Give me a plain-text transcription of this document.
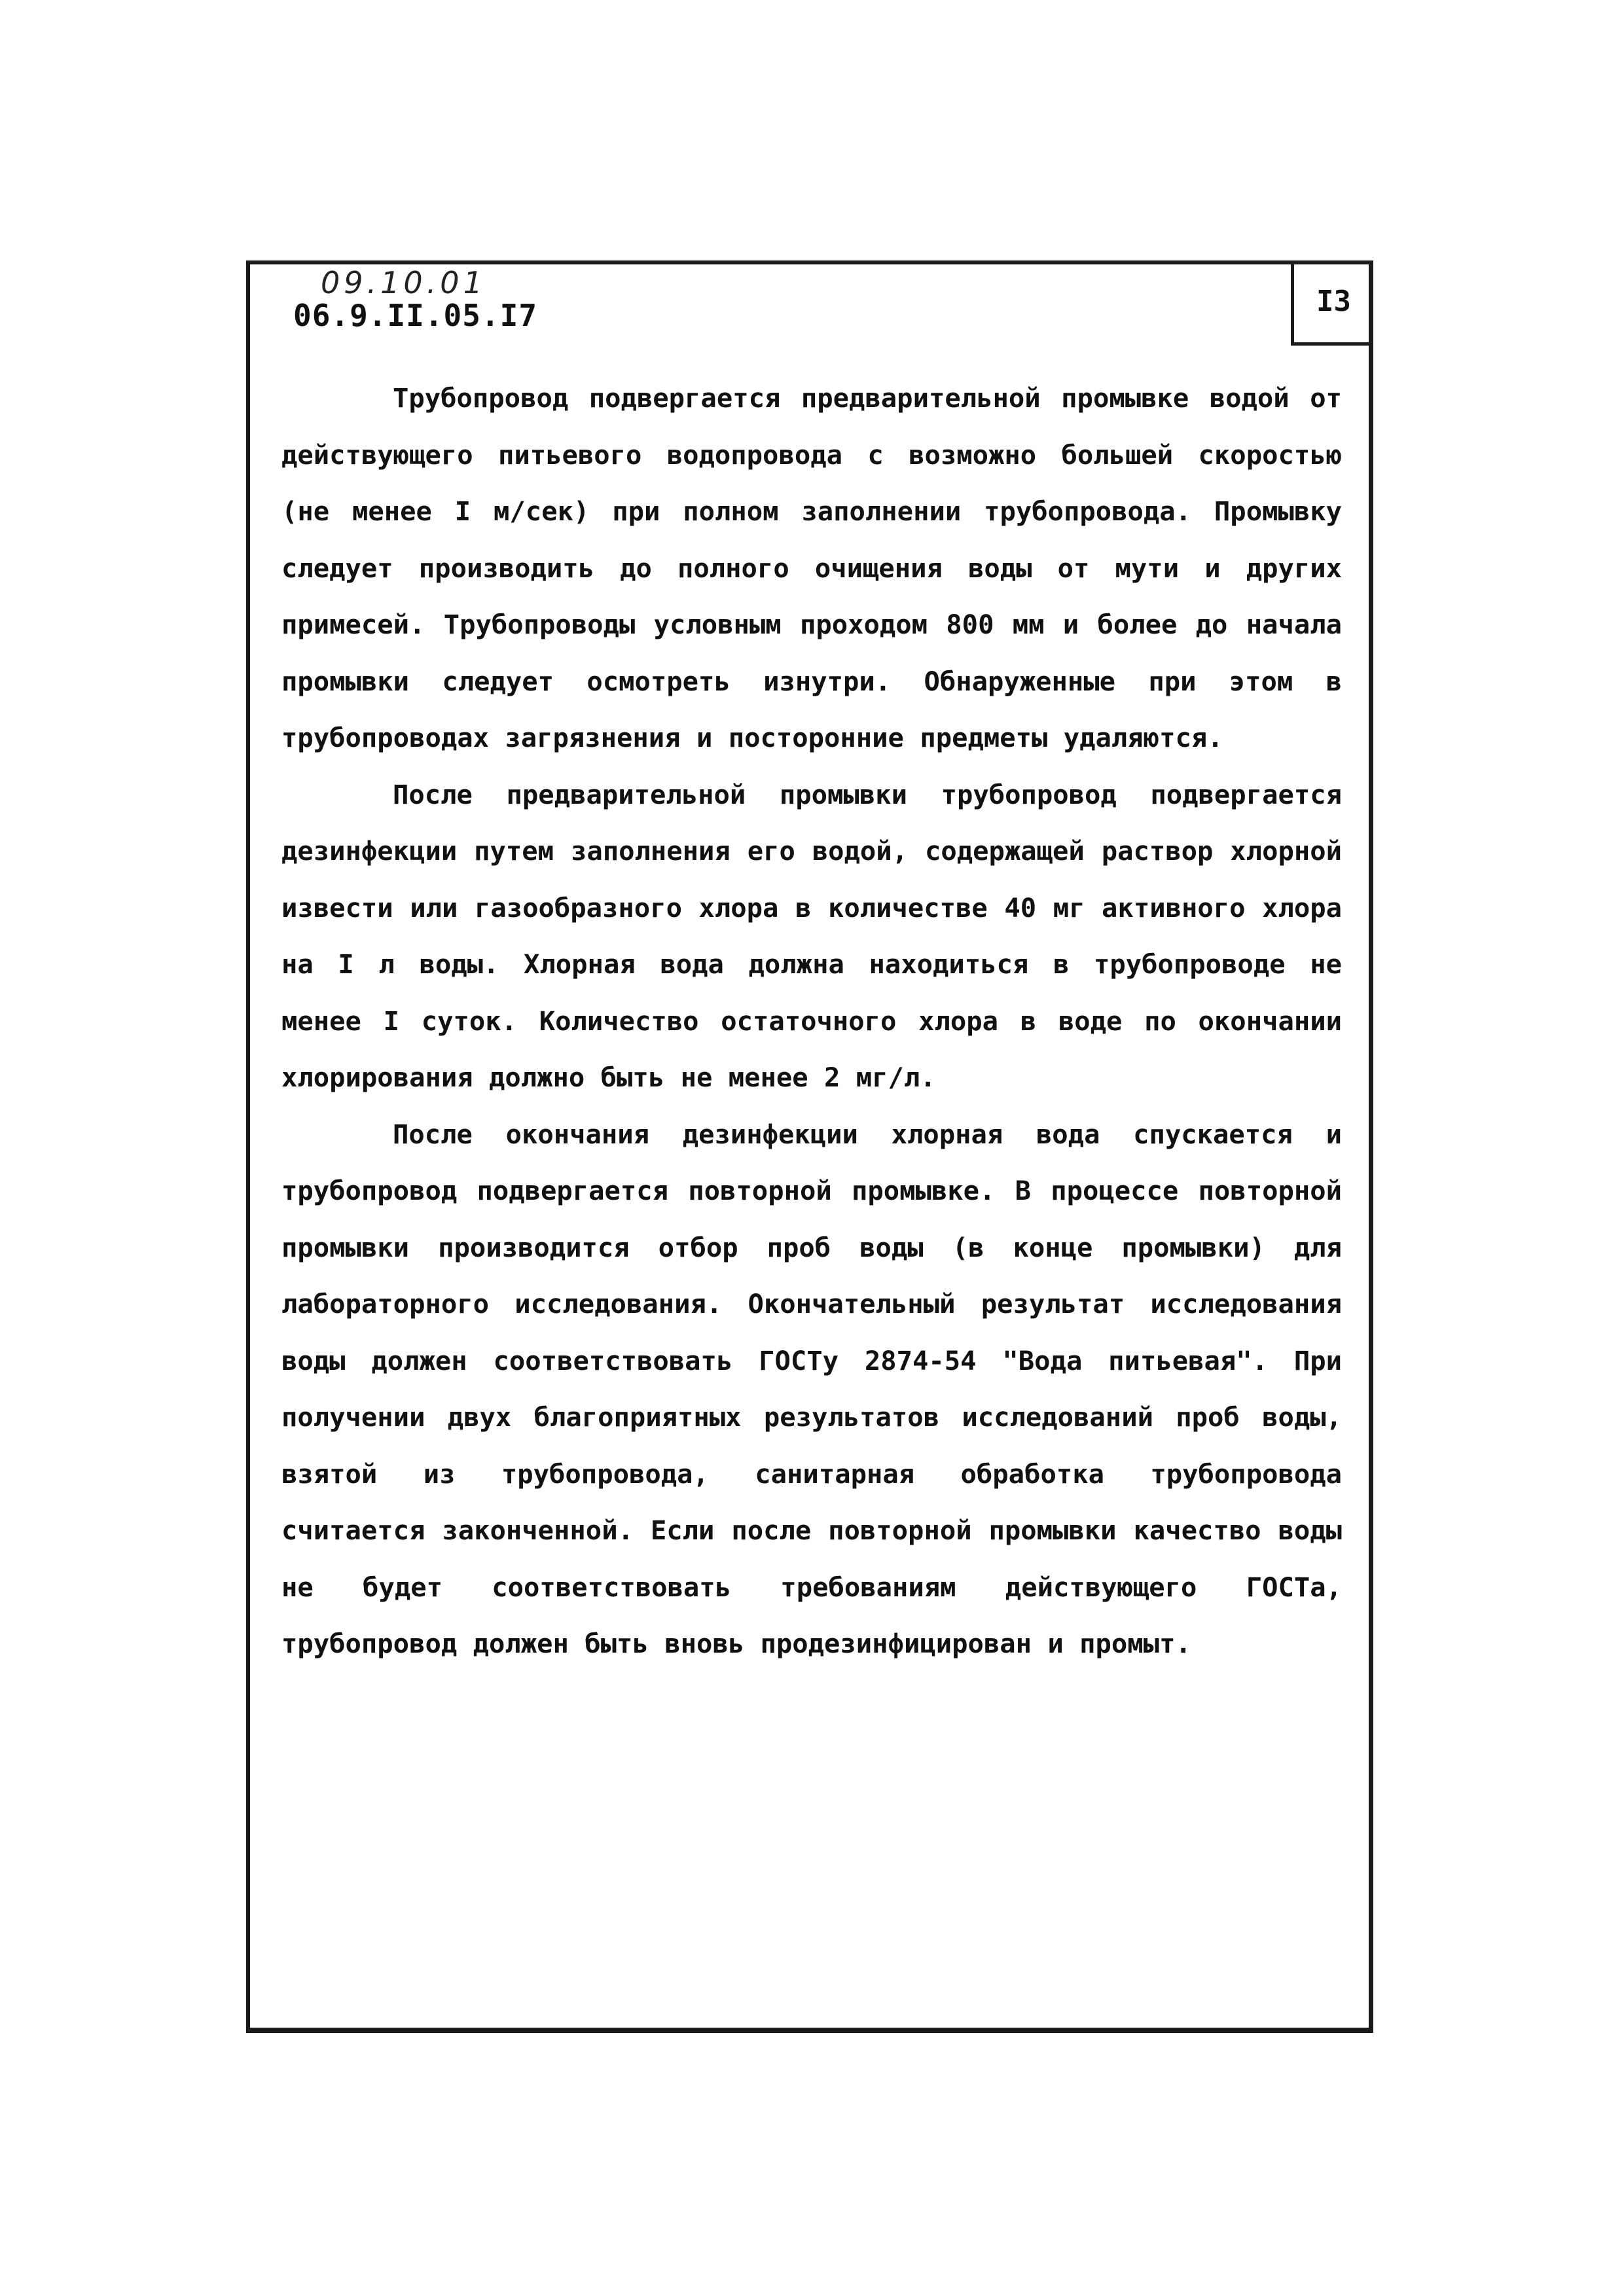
09.10.01
06.9.II.05.I7	I3

Трубопровод подвергается предварительной промывке водой от действующего питьевого водопровода с возможно большей скоростью (не менее I м/сек) при полном заполнении трубопровода. Промывку следует производить до полного очищения воды от мути и других примесей. Трубопроводы условным проходом 800 мм и более до начала промывки следует осмотреть изнутри. Обнаруженные при этом в трубопроводах загрязнения и посторонние предметы удаляются.

После предварительной промывки трубопровод подвергается дезинфекции путем заполнения его водой, содержащей раствор хлорной извести или газообразного хлора в количестве 40 мг активного хлора на I л воды. Хлорная вода должна находиться в трубопроводе не менее I суток. Количество остаточного хлора в воде по окончании хлорирования должно быть не менее 2 мг/л.

После окончания дезинфекции хлорная вода спускается и трубопровод подвергается повторной промывке. В процессе повторной промывки производится отбор проб воды (в конце промывки) для лабораторного исследования. Окончательный результат исследования воды должен соответствовать ГОСТу 2874-54 "Вода питьевая". При получении двух благоприятных результатов исследований проб воды, взятой из трубопровода, санитарная обработка трубопровода считается законченной. Если после повторной промывки качество воды не будет соответствовать требованиям действующего ГОСТа, трубопровод должен быть вновь продезинфицирован и промыт.
